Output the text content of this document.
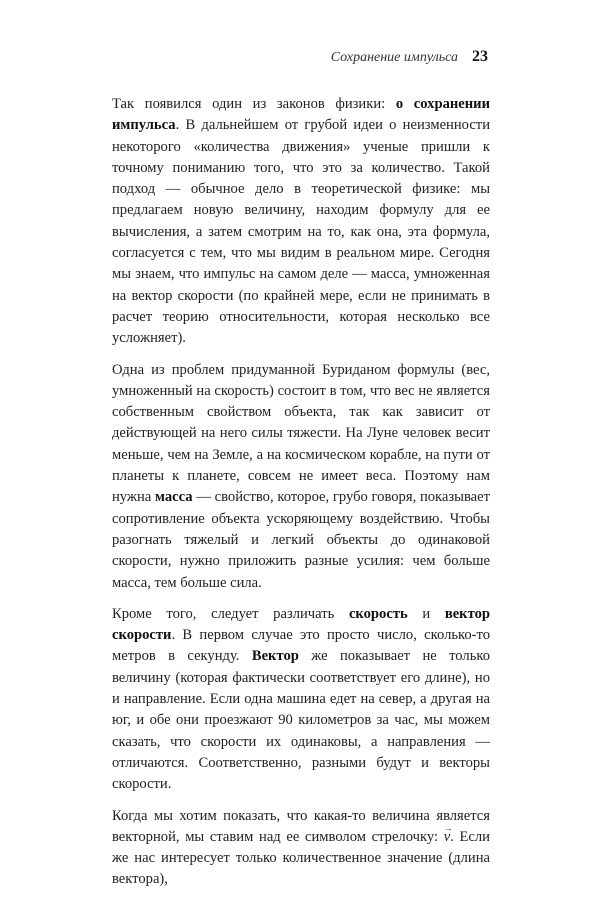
Сохранение импульса 23

Так появился один из законов физики: о сохранении импульса. В дальнейшем от грубой идеи о неизменности некоторого «количества движения» ученые пришли к точному пониманию того, что это за количество. Такой подход — обычное дело в теоретической физике: мы предлагаем новую величину, находим формулу для ее вычисления, а затем смотрим на то, как она, эта формула, согласуется с тем, что мы видим в реальном мире. Сегодня мы знаем, что импульс на самом деле — масса, умноженная на вектор скорости (по крайней мере, если не принимать в расчет теорию относительности, которая несколько все усложняет).

Одна из проблем придуманной Буриданом формулы (вес, умноженный на скорость) состоит в том, что вес не является собственным свойством объекта, так как зависит от действующей на него силы тяжести. На Луне человек весит меньше, чем на Земле, а на космическом корабле, на пути от планеты к планете, совсем не имеет веса. Поэтому нам нужна масса — свойство, которое, грубо говоря, показывает сопротивление объекта ускоряющему воздействию. Чтобы разогнать тяжелый и легкий объекты до одинаковой скорости, нужно приложить разные усилия: чем больше масса, тем больше сила.

Кроме того, следует различать скорость и вектор скорости. В первом случае это просто число, сколько-то метров в секунду. Вектор же показывает не только величину (которая фактически соответствует его длине), но и направление. Если одна машина едет на север, а другая на юг, и обе они проезжают 90 километров за час, мы можем сказать, что скорости их одинаковы, а направления — отличаются. Соответственно, разными будут и векторы скорости.

Когда мы хотим показать, что какая-то величина является векторной, мы ставим над ее символом стрелочку: → v. Если же нас интересует только количественное значение (длина вектора),
